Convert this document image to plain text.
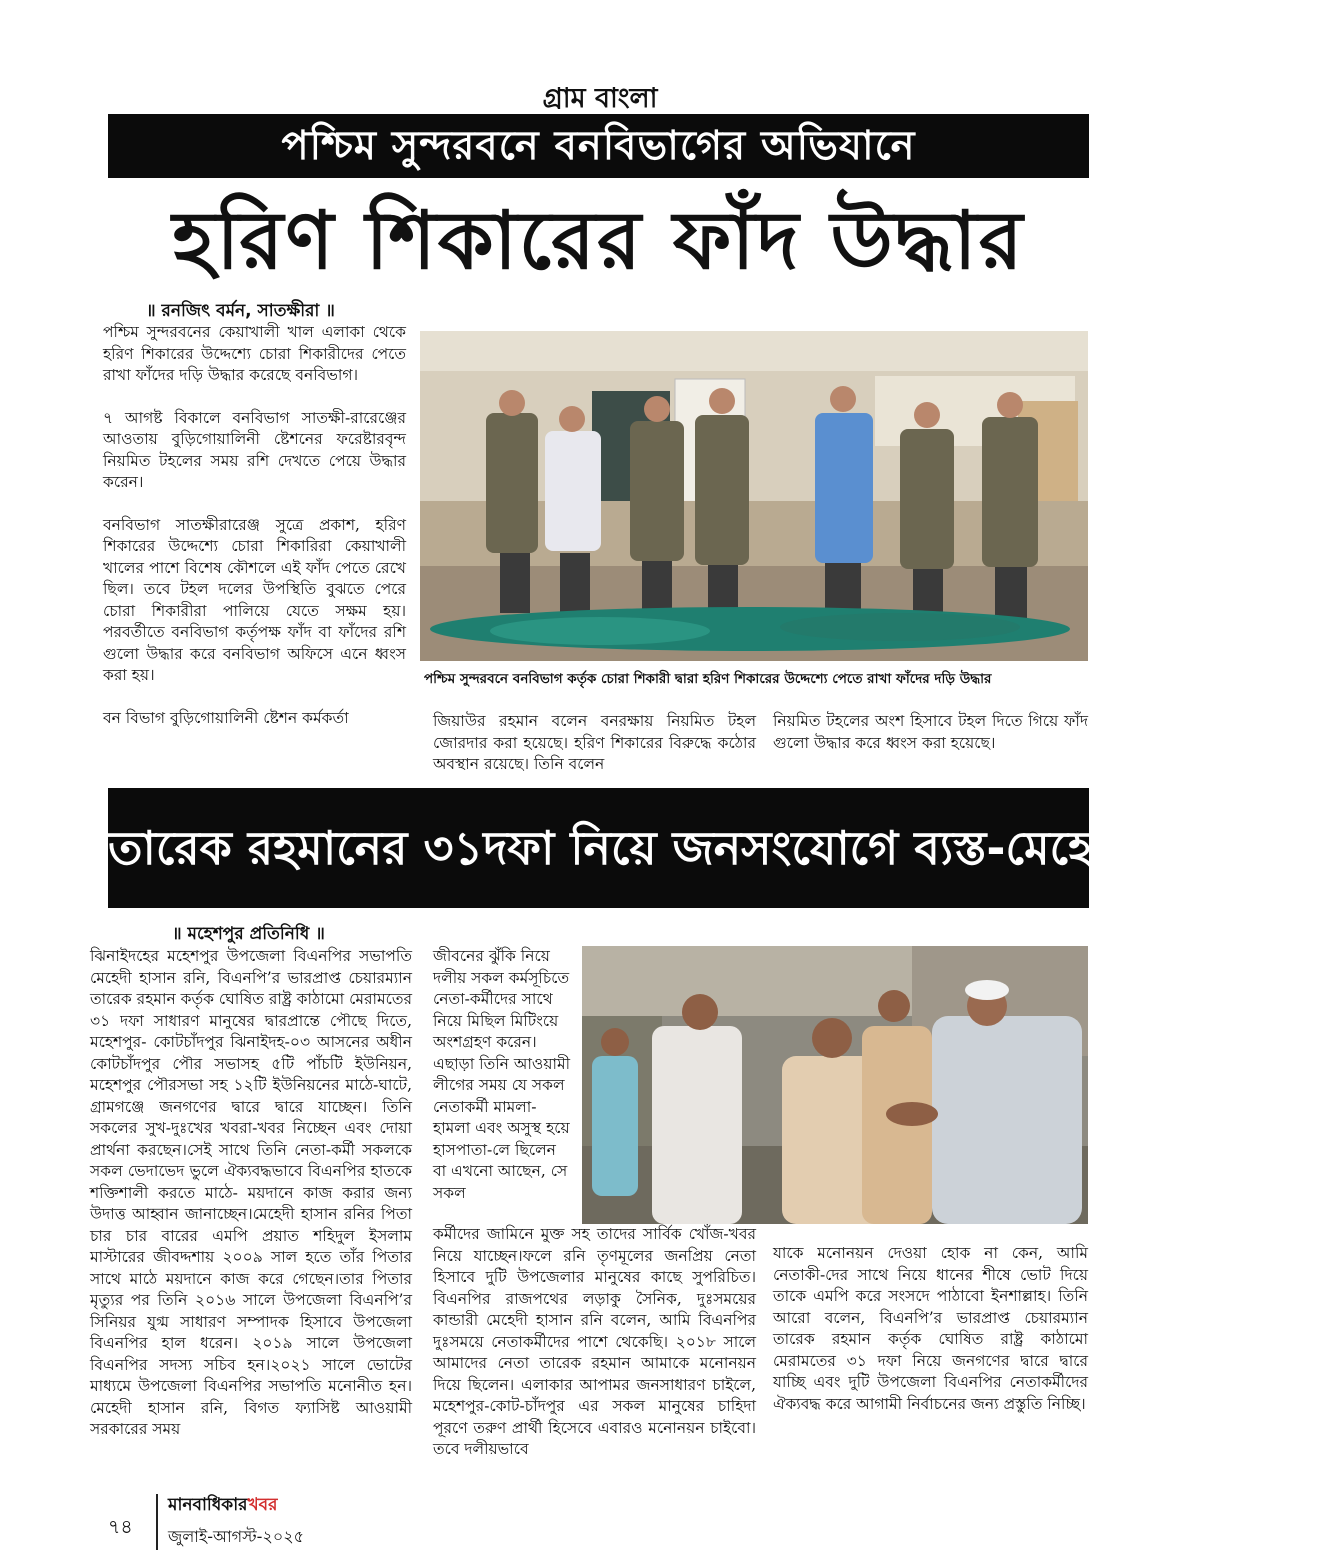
গ্রাম বাংলা
পশ্চিম সুন্দরবনে বনবিভাগের অভিযানে
হরিণ শিকারের ফাঁদ উদ্ধার
॥ রনজিৎ বর্মন, সাতক্ষীরা ॥

পশ্চিম সুন্দরবনের কেয়াখালী খাল এলাকা থেকে হরিণ শিকারের উদ্দেশ্যে চোরা শিকারীদের পেতে রাখা ফাঁদের দড়ি উদ্ধার করেছে বনবিভাগ।

৭ আগষ্ট বিকালে বনবিভাগ সাতক্ষী-রারেঞ্জের আওতায় বুড়িগোয়ালিনী ষ্টেশনের ফরেষ্টারবৃন্দ নিয়মিত টহলের সময় রশি দেখতে পেয়ে উদ্ধার করেন।

বনবিভাগ সাতক্ষীরারেঞ্জ সুত্রে প্রকাশ, হরিণ শিকারের উদ্দেশ্যে চোরা শিকারিরা কেয়াখালী খালের পাশে বিশেষ কৌশলে এই ফাঁদ পেতে রেখে ছিল। তবে টহল দলের উপস্থিতি বুঝতে পেরে চোরা শিকারীরা পালিয়ে যেতে সক্ষম হয়। পরবর্তীতে বনবিভাগ কর্তৃপক্ষ ফাঁদ বা ফাঁদের রশি গুলো উদ্ধার করে বনবিভাগ অফিসে এনে ধ্বংস করা হয়।

বন বিভাগ বুড়িগোয়ালিনী ষ্টেশন কর্মকর্তা

পশ্চিম সুন্দরবনে বনবিভাগ কর্তৃক চোরা শিকারী দ্বারা হরিণ শিকারের উদ্দেশ্যে পেতে রাখা ফাঁদের দড়ি উদ্ধার
জিয়াউর রহমান বলেন বনরক্ষায় নিয়মিত টহল জোরদার করা হয়েছে। হরিণ শিকারের বিরুদ্ধে কঠোর অবস্থান রয়েছে। তিনি বলেন
নিয়মিত টহলের অংশ হিসাবে টহল দিতে গিয়ে ফাঁদ গুলো উদ্ধার করে ধ্বংস করা হয়েছে।
তারেক রহমানের ৩১দফা নিয়ে জনসংযোগে ব্যস্ত-মেহেদী হাসান রনি
॥ মহেশপুর প্রতিনিধি ॥
ঝিনাইদহের মহেশপুর উপজেলা বিএনপির সভাপতি মেহেদী হাসান রনি, বিএনপি’র ভারপ্রাপ্ত চেয়ারম্যান তারেক রহমান কর্তৃক ঘোষিত রাষ্ট্র কাঠামো মেরামতের ৩১ দফা সাধারণ মানুষের দ্বারপ্রান্তে পৌছে দিতে, মহেশপুর- কোটচাঁদপুর ঝিনাইদহ-০৩ আসনের অধীন কোটচাঁদপুর পৌর সভাসহ ৫টি পাঁচটি ইউনিয়ন, মহেশপুর পৌরসভা সহ ১২টি ইউনিয়নের মাঠে-ঘাটে, গ্রামগঞ্জে জনগণের দ্বারে দ্বারে যাচ্ছেন। তিনি সকলের সুখ-দুঃখের খবরা-খবর নিচ্ছেন এবং দোয়া প্রার্থনা করছেন।সেই সাথে তিনি নেতা-কর্মী সকলকে সকল ভেদাভেদ ভুলে ঐক্যবদ্ধভাবে বিএনপির হাতকে শক্তিশালী করতে মাঠে- ময়দানে কাজ করার জন্য উদাত্ত আহ্বান জানাচ্ছেন।মেহেদী হাসান রনির পিতা চার চার বারের এমপি প্রয়াত শহিদুল ইসলাম মাস্টারের জীবদ্দশায় ২০০৯ সাল হতে তাঁর পিতার সাথে মাঠে ময়দানে কাজ করে গেছেন।তার পিতার মৃত্যুর পর তিনি ২০১৬ সালে উপজেলা বিএনপি’র সিনিয়র যুগ্ম সাধারণ সম্পাদক হিসাবে উপজেলা বিএনপির হাল ধরেন। ২০১৯ সালে উপজেলা বিএনপির সদস্য সচিব হন।২০২১ সালে ভোটের মাধ্যমে উপজেলা বিএনপির সভাপতি মনোনীত হন। মেহেদী হাসান রনি, বিগত ফ্যাসিষ্ট আওয়ামী সরকারের সময়
জীবনের ঝুঁকি নিয়ে দলীয় সকল কর্মসূচিতে নেতা-কর্মীদের সাথে নিয়ে মিছিল মিটিংয়ে অংশগ্রহণ করেন।এছাড়া তিনি আওয়ামী লীগের সময় যে সকল নেতাকর্মী মামলা-হামলা এবং অসুস্থ হয়ে হাসপাতা-লে ছিলেন বা এখনো আছেন, সে সকল
কর্মীদের জামিনে মুক্ত সহ তাদের সার্বিক খোঁজ-খবর নিয়ে যাচ্ছেন।ফলে রনি তৃণমূলের জনপ্রিয় নেতা হিসাবে দুটি উপজেলার মানুষের কাছে সুপরিচিত। বিএনপির রাজপথের লড়াকু সৈনিক, দুঃসময়ের কান্ডারী মেহেদী হাসান রনি বলেন, আমি বিএনপির দুঃসময়ে নেতাকর্মীদের পাশে থেকেছি। ২০১৮ সালে আমাদের নেতা তারেক রহমান আমাকে মনোনয়ন দিয়ে ছিলেন। এলাকার আপামর জনসাধারণ চাইলে, মহেশপুর-কোট-চাঁদপুর এর সকল মানুষের চাহিদা পূরণে তরুণ প্রার্থী হিসেবে এবারও মনোনয়ন চাইবো। তবে দলীয়ভাবে
যাকে মনোনয়ন দেওয়া হোক না কেন, আমি নেতাকী-দের সাথে নিয়ে ধানের শীষে ভোট দিয়ে তাকে এমপি করে সংসদে পাঠাবো ইনশাল্লাহ। তিনি আরো বলেন, বিএনপি’র ভারপ্রাপ্ত চেয়ারম্যান তারেক রহমান কর্তৃক ঘোষিত রাষ্ট্র কাঠামো মেরামতের ৩১ দফা নিয়ে জনগণের দ্বারে দ্বারে যাচ্ছি এবং দুটি উপজেলা বিএনপির নেতাকর্মীদের ঐক্যবদ্ধ করে আগামী নির্বাচনের জন্য প্রস্তুতি নিচ্ছি।
৭৪
মানবাধিকারখবর
জুলাই-আগস্ট-২০২৫
